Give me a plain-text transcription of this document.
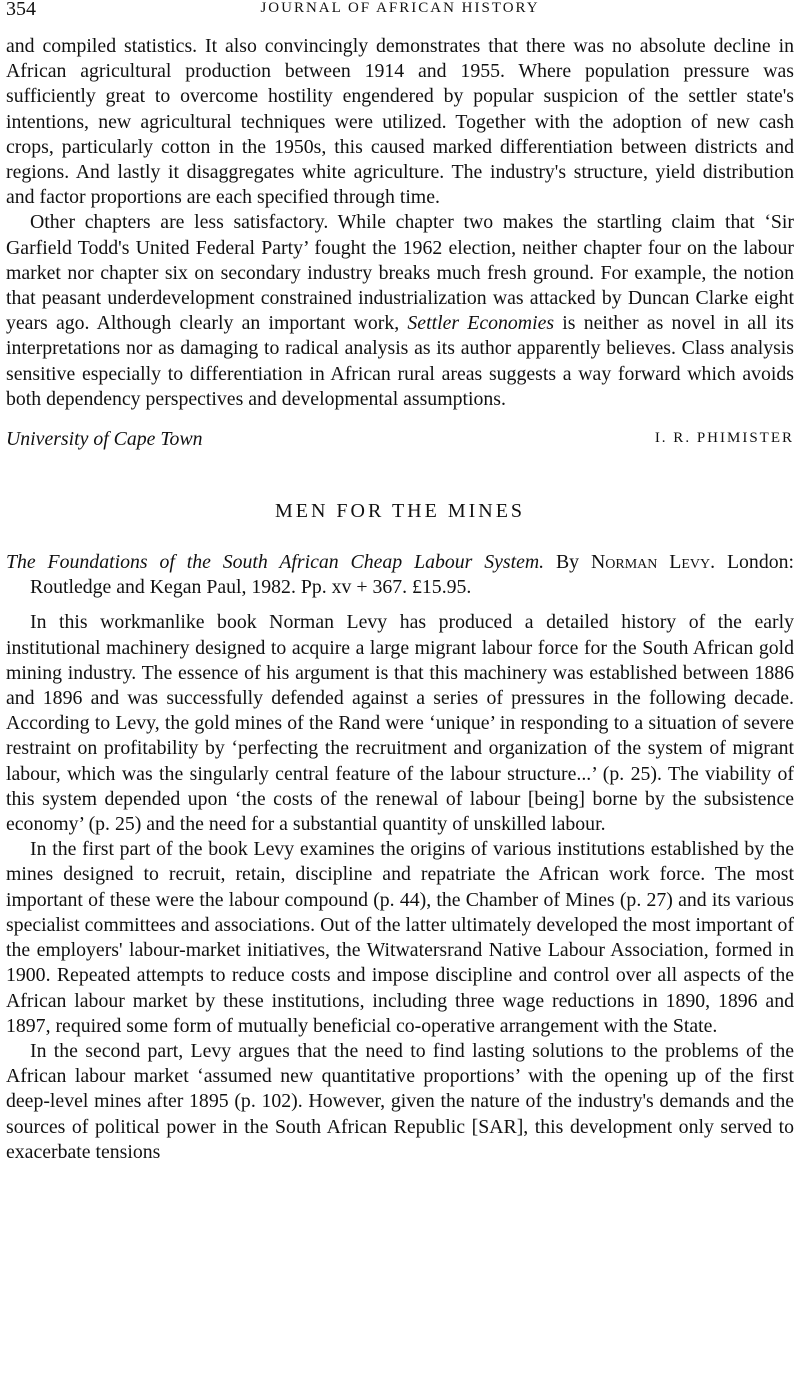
354	JOURNAL OF AFRICAN HISTORY

and compiled statistics. It also convincingly demonstrates that there was no absolute decline in African agricultural production between 1914 and 1955. Where population pressure was sufficiently great to overcome hostility engendered by popular suspicion of the settler state's intentions, new agricultural techniques were utilized. Together with the adoption of new cash crops, particularly cotton in the 1950s, this caused marked differentiation between districts and regions. And lastly it disaggregates white agriculture. The industry's structure, yield distribution and factor proportions are each specified through time.

Other chapters are less satisfactory. While chapter two makes the startling claim that ‘Sir Garfield Todd's United Federal Party’ fought the 1962 election, neither chapter four on the labour market nor chapter six on secondary industry breaks much fresh ground. For example, the notion that peasant underdevelopment constrained industrialization was attacked by Duncan Clarke eight years ago. Although clearly an important work, Settler Economies is neither as novel in all its interpretations nor as damaging to radical analysis as its author apparently believes. Class analysis sensitive especially to differentiation in African rural areas suggests a way forward which avoids both dependency perspectives and developmental assumptions.

University of Cape Town	I. R. PHIMISTER
MEN FOR THE MINES
The Foundations of the South African Cheap Labour System. By Norman Levy. London: Routledge and Kegan Paul, 1982. Pp. xv + 367. £15.95.

In this workmanlike book Norman Levy has produced a detailed history of the early institutional machinery designed to acquire a large migrant labour force for the South African gold mining industry. The essence of his argument is that this machinery was established between 1886 and 1896 and was successfully defended against a series of pressures in the following decade. According to Levy, the gold mines of the Rand were ‘unique’ in responding to a situation of severe restraint on profitability by ‘perfecting the recruitment and organization of the system of migrant labour, which was the singularly central feature of the labour structure...’ (p. 25). The viability of this system depended upon ‘the costs of the renewal of labour [being] borne by the subsistence economy’ (p. 25) and the need for a substantial quantity of unskilled labour.

In the first part of the book Levy examines the origins of various institutions established by the mines designed to recruit, retain, discipline and repatriate the African work force. The most important of these were the labour compound (p. 44), the Chamber of Mines (p. 27) and its various specialist committees and associations. Out of the latter ultimately developed the most important of the employers' labour-market initiatives, the Witwatersrand Native Labour Association, formed in 1900. Repeated attempts to reduce costs and impose discipline and control over all aspects of the African labour market by these institutions, including three wage reductions in 1890, 1896 and 1897, required some form of mutually beneficial co-operative arrangement with the State.

In the second part, Levy argues that the need to find lasting solutions to the problems of the African labour market ‘assumed new quantitative proportions’ with the opening up of the first deep-level mines after 1895 (p. 102). However, given the nature of the industry's demands and the sources of political power in the South African Republic [SAR], this development only served to exacerbate tensions
